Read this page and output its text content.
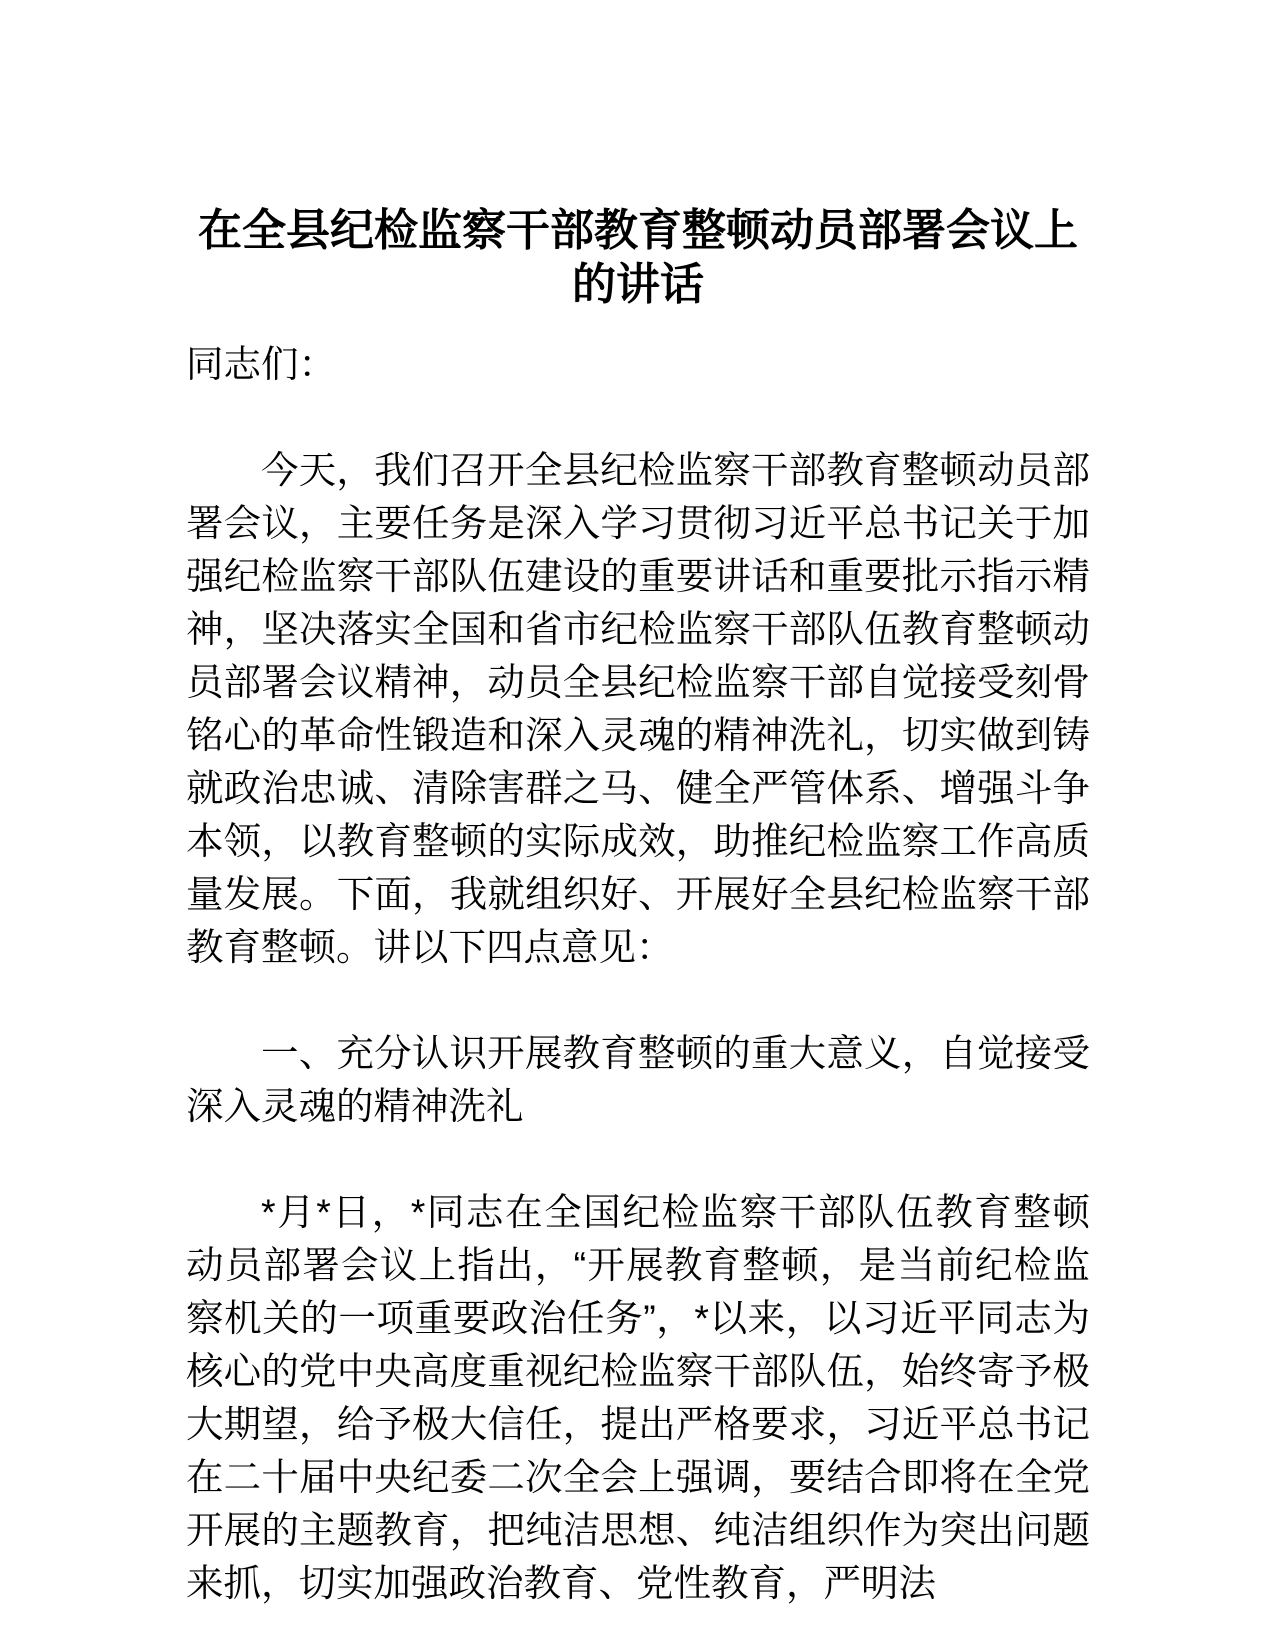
在全县纪检监察干部教育整顿动员部署会议上的讲话

同志们：

今天，我们召开全县纪检监察干部教育整顿动员部署会议，主要任务是深入学习贯彻习近平总书记关于加强纪检监察干部队伍建设的重要讲话和重要批示指示精神，坚决落实全国和省市纪检监察干部队伍教育整顿动员部署会议精神，动员全县纪检监察干部自觉接受刻骨铭心的革命性锻造和深入灵魂的精神洗礼，切实做到铸就政治忠诚、清除害群之马、健全严管体系、增强斗争本领，以教育整顿的实际成效，助推纪检监察工作高质量发展。下面，我就组织好、开展好全县纪检监察干部教育整顿。讲以下四点意见：

一、充分认识开展教育整顿的重大意义，自觉接受深入灵魂的精神洗礼

*月*日，*同志在全国纪检监察干部队伍教育整顿动员部署会议上指出，“开展教育整顿，是当前纪检监察机关的一项重要政治任务”，*以来，以习近平同志为核心的党中央高度重视纪检监察干部队伍，始终寄予极大期望，给予极大信任，提出严格要求，习近平总书记在二十届中央纪委二次全会上强调，要结合即将在全党开展的主题教育，把纯洁思想、纯洁组织作为突出问题来抓，切实加强政治教育、党性教育，严明法
